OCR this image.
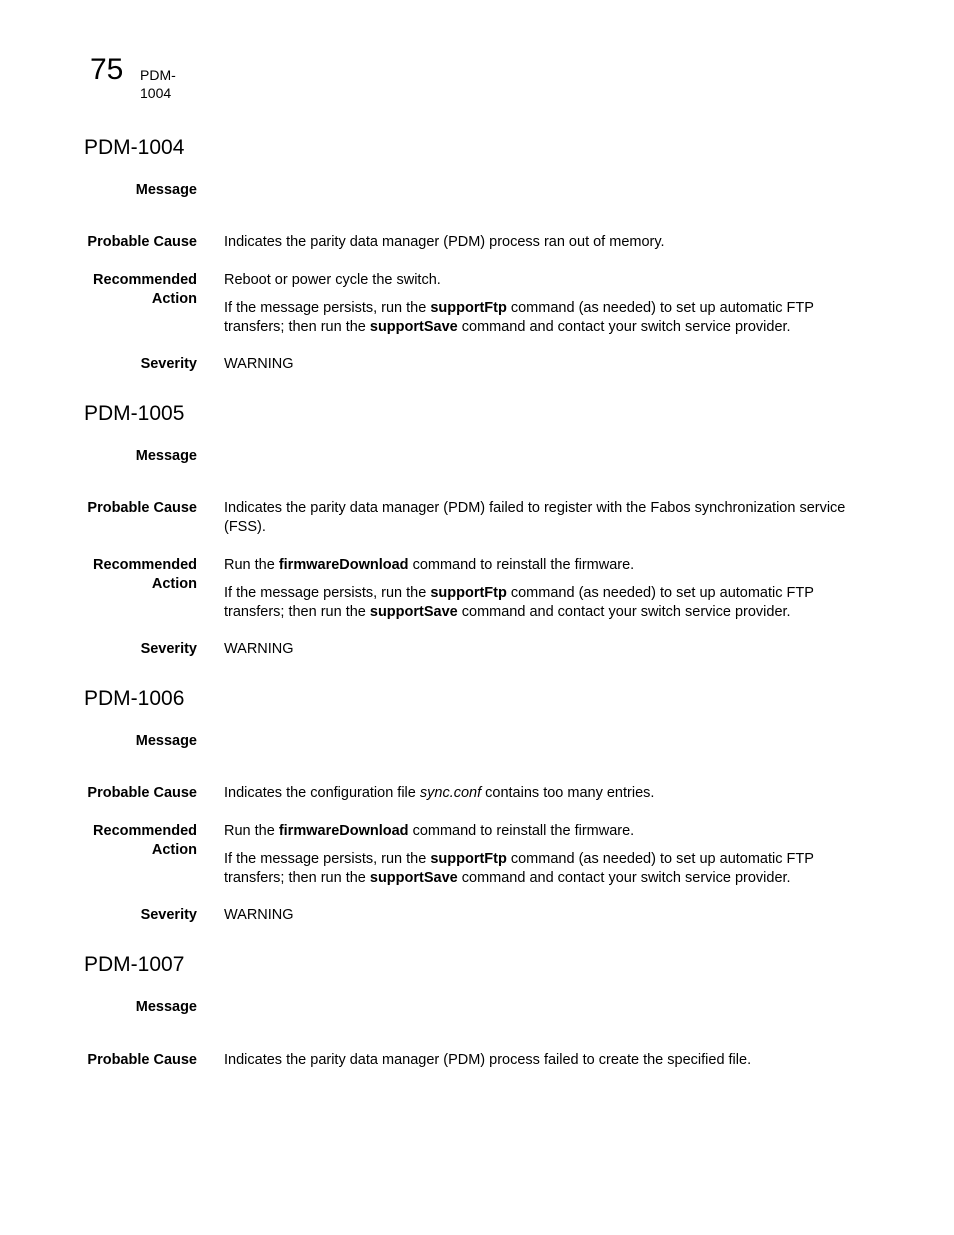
75 PDM-1004
PDM-1004
Message
Probable Cause Indicates the parity data manager (PDM) process ran out of memory.
Recommended
Action

Reboot or power cycle the switch.

If the message persists, run the supportFtp command (as needed) to set up automatic FTP transfers; then run the supportSave command and contact your switch service provider.

Severity WARNING
PDM-1005
Message
Probable Cause Indicates the parity data manager (PDM) failed to register with the Fabos synchronization service (FSS).
Recommended
Action

Run the firmwareDownload command to reinstall the firmware.

If the message persists, run the supportFtp command (as needed) to set up automatic FTP transfers; then run the supportSave command and contact your switch service provider.

Severity WARNING
PDM-1006
Message
Probable Cause Indicates the configuration file sync.conf contains too many entries.
Recommended
Action

Run the firmwareDownload command to reinstall the firmware.

If the message persists, run the supportFtp command (as needed) to set up automatic FTP transfers; then run the supportSave command and contact your switch service provider.

Severity WARNING
PDM-1007
Message
Probable Cause Indicates the parity data manager (PDM) process failed to create the specified file.
